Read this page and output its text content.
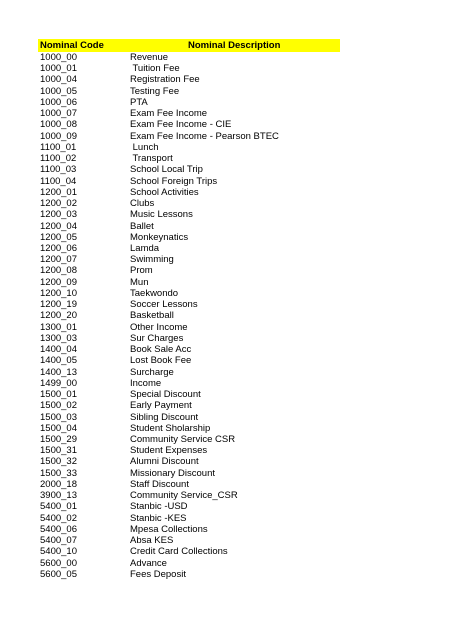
Nominal Code	Nominal Description
1000_00	Revenue
1000_01	Tuition Fee
1000_04	Registration Fee
1000_05	Testing Fee
1000_06	PTA
1000_07	Exam Fee Income
1000_08	Exam Fee Income - CIE
1000_09	Exam Fee Income - Pearson BTEC
1100_01	Lunch
1100_02	Transport
1100_03	School Local Trip
1100_04	School Foreign Trips
1200_01	School Activities
1200_02	Clubs
1200_03	Music Lessons
1200_04	Ballet
1200_05	Monkeynatics
1200_06	Lamda
1200_07	Swimming
1200_08	Prom
1200_09	Mun
1200_10	Taekwondo
1200_19	Soccer Lessons
1200_20	Basketball
1300_01	Other Income
1300_03	Sur Charges
1400_04	Book Sale Acc
1400_05	Lost Book Fee
1400_13	Surcharge
1499_00	Income
1500_01	Special Discount
1500_02	Early Payment
1500_03	Sibling Discount
1500_04	Student Sholarship
1500_29	Community Service CSR
1500_31	Student Expenses
1500_32	Alumni Discount
1500_33	Missionary Discount
2000_18	Staff Discount
3900_13	Community Service_CSR
5400_01	Stanbic -USD
5400_02	Stanbic -KES
5400_06	Mpesa Collections
5400_07	Absa KES
5400_10	Credit Card Collections
5600_00	Advance
5600_05	Fees Deposit
